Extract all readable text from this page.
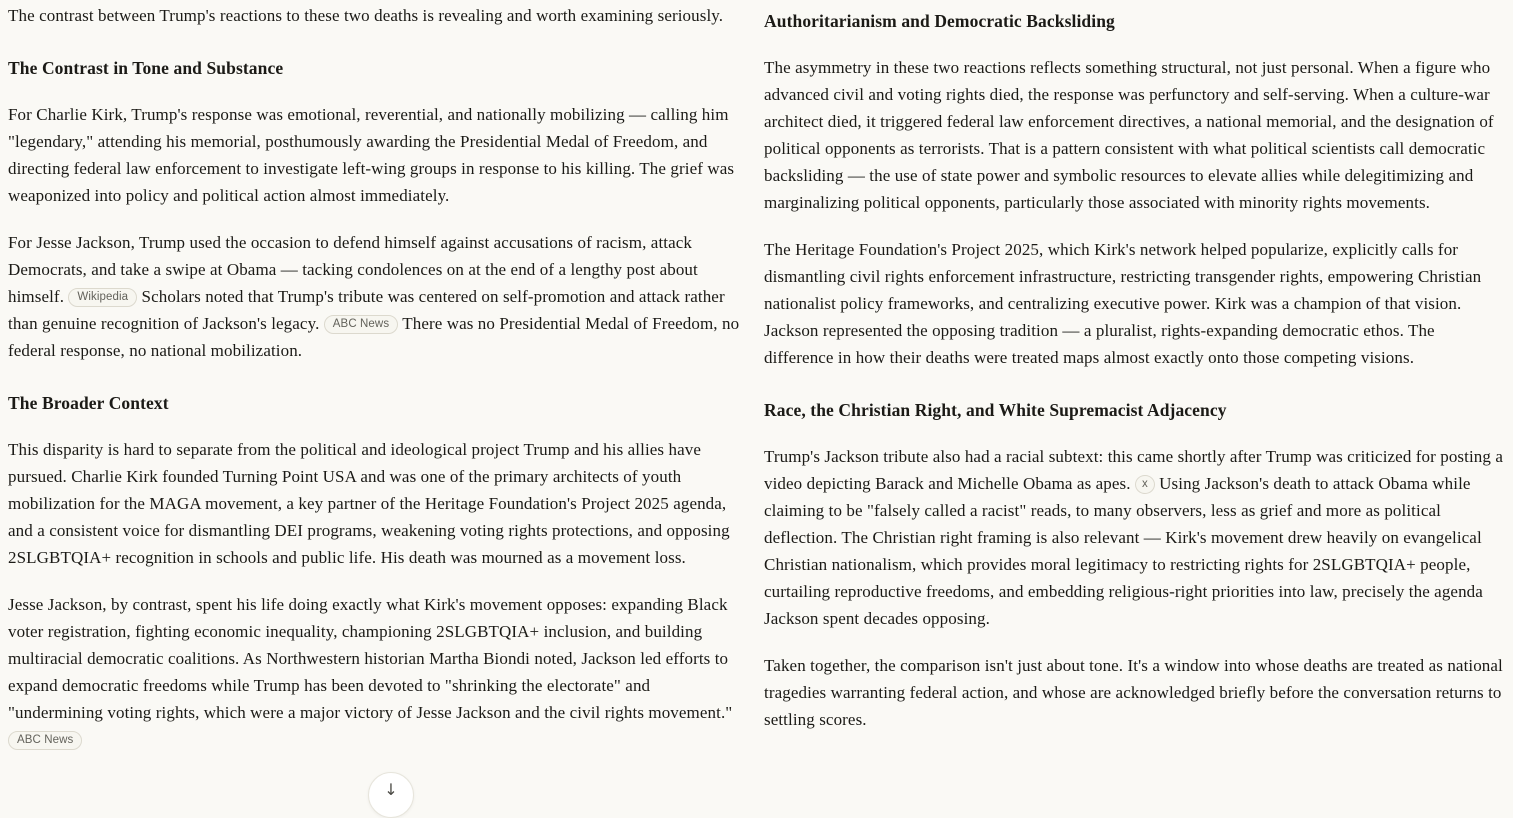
The contrast between Trump's reactions to these two deaths is revealing and worth examining seriously.

The Contrast in Tone and Substance

For Charlie Kirk, Trump's response was emotional, reverential, and nationally mobilizing — calling him "legendary," attending his memorial, posthumously awarding the Presidential Medal of Freedom, and directing federal law enforcement to investigate left-wing groups in response to his killing. The grief was weaponized into policy and political action almost immediately.

For Jesse Jackson, Trump used the occasion to defend himself against accusations of racism, attack Democrats, and take a swipe at Obama — tacking condolences on at the end of a lengthy post about himself. Wikipedia Scholars noted that Trump's tribute was centered on self-promotion and attack rather than genuine recognition of Jackson's legacy. ABC News There was no Presidential Medal of Freedom, no federal response, no national mobilization.

The Broader Context

This disparity is hard to separate from the political and ideological project Trump and his allies have pursued. Charlie Kirk founded Turning Point USA and was one of the primary architects of youth mobilization for the MAGA movement, a key partner of the Heritage Foundation's Project 2025 agenda, and a consistent voice for dismantling DEI programs, weakening voting rights protections, and opposing 2SLGBTQIA+ recognition in schools and public life. His death was mourned as a movement loss.

Jesse Jackson, by contrast, spent his life doing exactly what Kirk's movement opposes: expanding Black voter registration, fighting economic inequality, championing 2SLGBTQIA+ inclusion, and building multiracial democratic coalitions. As Northwestern historian Martha Biondi noted, Jackson led efforts to expand democratic freedoms while Trump has been devoted to "shrinking the electorate" and "undermining voting rights, which were a major victory of Jesse Jackson and the civil rights movement." ABC News

Authoritarianism and Democratic Backsliding

The asymmetry in these two reactions reflects something structural, not just personal. When a figure who advanced civil and voting rights died, the response was perfunctory and self-serving. When a culture-war architect died, it triggered federal law enforcement directives, a national memorial, and the designation of political opponents as terrorists. That is a pattern consistent with what political scientists call democratic backsliding — the use of state power and symbolic resources to elevate allies while delegitimizing and marginalizing political opponents, particularly those associated with minority rights movements.

The Heritage Foundation's Project 2025, which Kirk's network helped popularize, explicitly calls for dismantling civil rights enforcement infrastructure, restricting transgender rights, empowering Christian nationalist policy frameworks, and centralizing executive power. Kirk was a champion of that vision. Jackson represented the opposing tradition — a pluralist, rights-expanding democratic ethos. The difference in how their deaths were treated maps almost exactly onto those competing visions.

Race, the Christian Right, and White Supremacist Adjacency

Trump's Jackson tribute also had a racial subtext: this came shortly after Trump was criticized for posting a video depicting Barack and Michelle Obama as apes. x Using Jackson's death to attack Obama while claiming to be "falsely called a racist" reads, to many observers, less as grief and more as political deflection. The Christian right framing is also relevant — Kirk's movement drew heavily on evangelical Christian nationalism, which provides moral legitimacy to restricting rights for 2SLGBTQIA+ people, curtailing reproductive freedoms, and embedding religious-right priorities into law, precisely the agenda Jackson spent decades opposing.

Taken together, the comparison isn't just about tone. It's a window into whose deaths are treated as national tragedies warranting federal action, and whose are acknowledged briefly before the conversation returns to settling scores.

↓
